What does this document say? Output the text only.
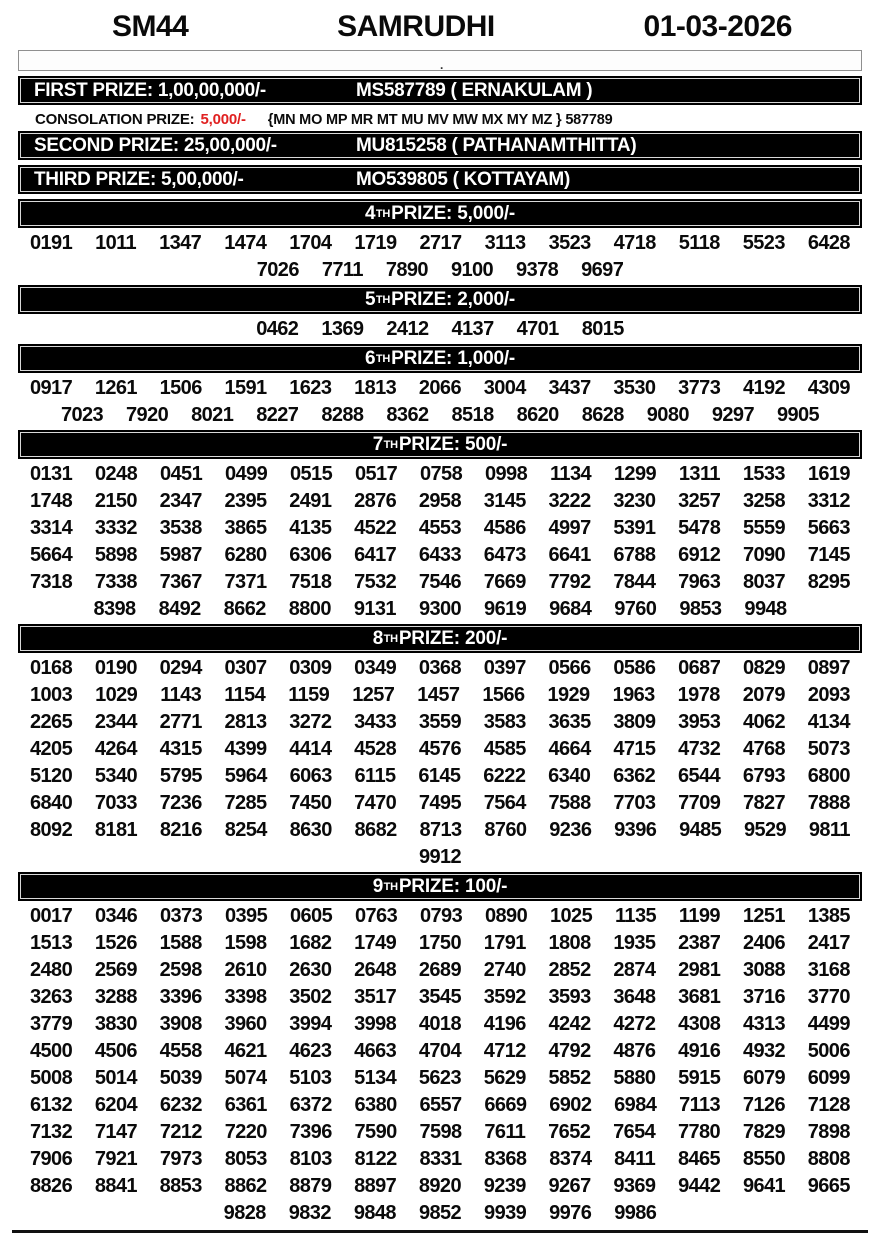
SM44	SAMRUDHI	01-03-2026
.
FIRST PRIZE: 1,00,00,000/-	MS587789 ( ERNAKULAM )
CONSOLATION PRIZE: 5,000/- {MN MO MP MR MT MU MV MW MX MY MZ } 587789
SECOND PRIZE: 25,00,000/-	MU815258 ( PATHANAMTHITTA)
THIRD PRIZE: 5,00,000/-	MO539805 ( KOTTAYAM)
4 TH PRIZE: 5,000/-
0191 1011 1347 1474 1704 1719 2717 3113 3523 4718 5118 5523 6428
7026 7711 7890 9100 9378 9697
5 TH PRIZE: 2,000/-
0462 1369 2412 4137 4701 8015
6 TH PRIZE: 1,000/-
0917 1261 1506 1591 1623 1813 2066 3004 3437 3530 3773 4192 4309
7023 7920 8021 8227 8288 8362 8518 8620 8628 9080 9297 9905
7 TH PRIZE: 500/-
0131 0248 0451 0499 0515 0517 0758 0998 1134 1299 1311 1533 1619
1748 2150 2347 2395 2491 2876 2958 3145 3222 3230 3257 3258 3312
3314 3332 3538 3865 4135 4522 4553 4586 4997 5391 5478 5559 5663
5664 5898 5987 6280 6306 6417 6433 6473 6641 6788 6912 7090 7145
7318 7338 7367 7371 7518 7532 7546 7669 7792 7844 7963 8037 8295
8398 8492 8662 8800 9131 9300 9619 9684 9760 9853 9948
8 TH PRIZE: 200/-
0168 0190 0294 0307 0309 0349 0368 0397 0566 0586 0687 0829 0897
1003 1029 1143 1154 1159 1257 1457 1566 1929 1963 1978 2079 2093
2265 2344 2771 2813 3272 3433 3559 3583 3635 3809 3953 4062 4134
4205 4264 4315 4399 4414 4528 4576 4585 4664 4715 4732 4768 5073
5120 5340 5795 5964 6063 6115 6145 6222 6340 6362 6544 6793 6800
6840 7033 7236 7285 7450 7470 7495 7564 7588 7703 7709 7827 7888
8092 8181 8216 8254 8630 8682 8713 8760 9236 9396 9485 9529 9811
9912
9 TH PRIZE: 100/-
0017 0346 0373 0395 0605 0763 0793 0890 1025 1135 1199 1251 1385
1513 1526 1588 1598 1682 1749 1750 1791 1808 1935 2387 2406 2417
2480 2569 2598 2610 2630 2648 2689 2740 2852 2874 2981 3088 3168
3263 3288 3396 3398 3502 3517 3545 3592 3593 3648 3681 3716 3770
3779 3830 3908 3960 3994 3998 4018 4196 4242 4272 4308 4313 4499
4500 4506 4558 4621 4623 4663 4704 4712 4792 4876 4916 4932 5006
5008 5014 5039 5074 5103 5134 5623 5629 5852 5880 5915 6079 6099
6132 6204 6232 6361 6372 6380 6557 6669 6902 6984 7113 7126 7128
7132 7147 7212 7220 7396 7590 7598 7611 7652 7654 7780 7829 7898
7906 7921 7973 8053 8103 8122 8331 8368 8374 8411 8465 8550 8808
8826 8841 8853 8862 8879 8897 8920 9239 9267 9369 9442 9641 9665
9828 9832 9848 9852 9939 9976 9986
